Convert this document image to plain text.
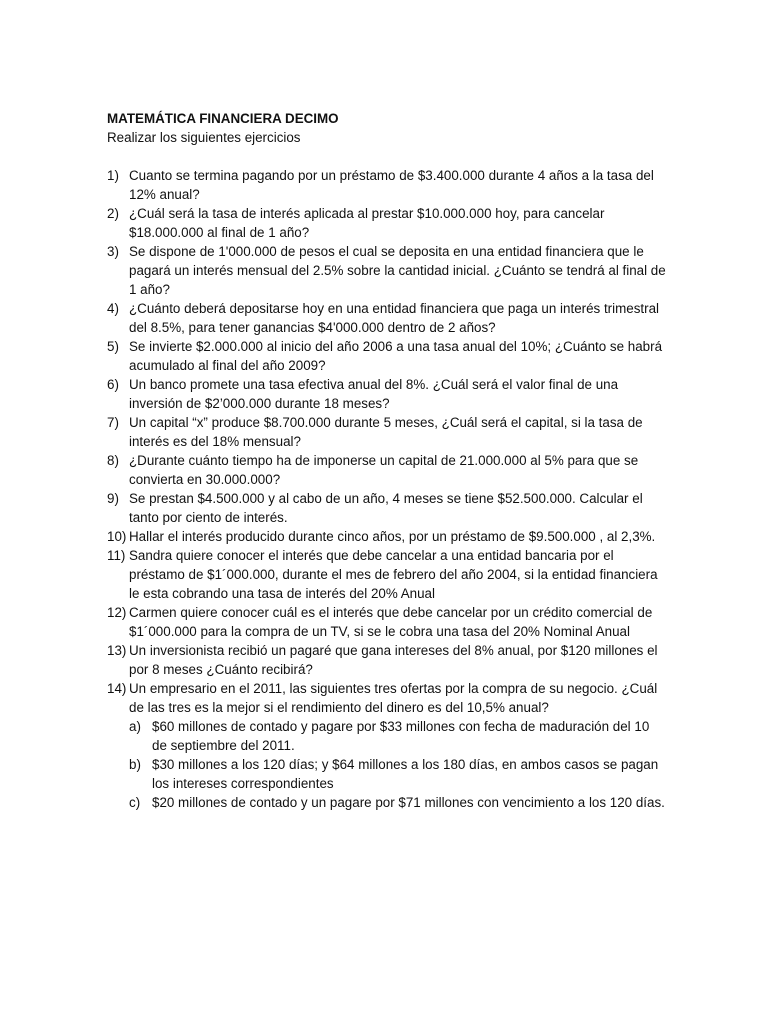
MATEMÁTICA FINANCIERA DECIMO

Realizar los siguientes ejercicios

1) Cuanto se termina pagando por un préstamo de $3.400.000 durante 4 años a la tasa del 12% anual?
2) ¿Cuál será la tasa de interés aplicada al prestar $10.000.000 hoy, para cancelar $18.000.000 al final de 1 año?
3) Se dispone de 1'000.000 de pesos el cual se deposita en una entidad financiera que le pagará un interés mensual del 2.5% sobre la cantidad inicial. ¿Cuánto se tendrá al final de 1 año?
4) ¿Cuánto deberá depositarse hoy en una entidad financiera que paga un interés trimestral del 8.5%, para tener ganancias $4'000.000 dentro de 2 años?
5) Se invierte $2.000.000 al inicio del año 2006 a una tasa anual del 10%; ¿Cuánto se habrá acumulado al final del año 2009?
6) Un banco promete una tasa efectiva anual del 8%. ¿Cuál será el valor final de una inversión de $2’000.000 durante 18 meses?
7) Un capital “x” produce $8.700.000 durante 5 meses, ¿Cuál será el capital, si la tasa de interés es del 18% mensual?
8) ¿Durante cuánto tiempo ha de imponerse un capital de 21.000.000 al 5% para que se convierta en 30.000.000?
9) Se prestan $4.500.000 y al cabo de un año, 4 meses se tiene $52.500.000. Calcular el tanto por ciento de interés.
10) Hallar el interés producido durante cinco años, por un préstamo de $9.500.000 , al 2,3%.
11) Sandra quiere conocer el interés que debe cancelar a una entidad bancaria por el préstamo de $1´000.000, durante el mes de febrero del año 2004, si la entidad financiera le esta cobrando una tasa de interés del 20% Anual
12) Carmen quiere conocer cuál es el interés que debe cancelar por un crédito comercial de $1´000.000 para la compra de un TV, si se le cobra una tasa del 20% Nominal Anual
13) Un inversionista recibió un pagaré que gana intereses del 8% anual, por $120 millones el por 8 meses ¿Cuánto recibirá?
14) Un empresario en el 2011, las siguientes tres ofertas por la compra de su negocio. ¿Cuál de las tres es la mejor si el rendimiento del dinero es del 10,5% anual?
a) $60 millones de contado y pagare por $33 millones con fecha de maduración del 10 de septiembre del 2011.
b) $30 millones a los 120 días; y $64 millones a los 180 días, en ambos casos se pagan los intereses correspondientes
c) $20 millones de contado y un pagare por $71 millones con vencimiento a los 120 días.
